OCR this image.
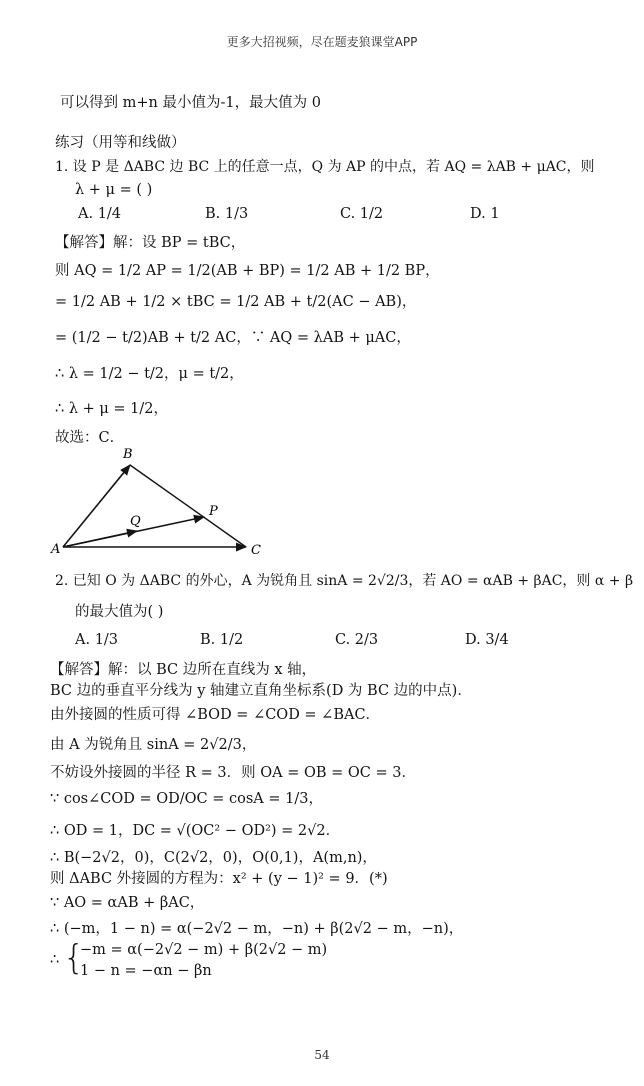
更多大招视频，尽在题麦狼课堂APP
可以得到 m+n 最小值为-1，最大值为 0
练习（用等和线做）
1. 设 P 是 ΔABC 边 BC 上的任意一点，Q 为 AP 的中点，若 AQ = λAB + μAC，则
λ + μ = ( )
A. 1/4	B. 1/3	C. 1/2	D. 1
【解答】解：设 BP = tBC，
则 AQ = 1/2 AP = 1/2(AB + BP) = 1/2 AB + 1/2 BP，
= 1/2 AB + 1/2 × tBC = 1/2 AB + t/2(AC − AB)，
= (1/2 − t/2)AB + t/2 AC，∵ AQ = λAB + μAC，
∴ λ = 1/2 − t/2，μ = t/2，
∴ λ + μ = 1/2，
故选：C．
B
P
Q
A	C
2. 已知 O 为 ΔABC 的外心，A 为锐角且 sinA = 2√2/3，若 AO = αAB + βAC，则 α + β
的最大值为( )
A. 1/3	B. 1/2	C. 2/3	D. 3/4
【解答】解：以 BC 边所在直线为 x 轴，
BC 边的垂直平分线为 y 轴建立直角坐标系(D 为 BC 边的中点)．
由外接圆的性质可得 ∠BOD = ∠COD = ∠BAC．
由 A 为锐角且 sinA = 2√2/3，
不妨设外接圆的半径 R = 3．则 OA = OB = OC = 3．
∵ cos∠COD = OD/OC = cosA = 1/3，
∴ OD = 1，DC = √(OC² − OD²) = 2√2．
∴ B(−2√2，0)，C(2√2，0)，O(0,1)，A(m,n)，
则 ΔABC 外接圆的方程为：x² + (y − 1)² = 9．(*)
∵ AO = αAB + βAC，
∴ (−m，1 − n) = α(−2√2 − m，−n) + β(2√2 − m，−n)，
∴ {
−m = α(−2√2 − m) + β(2√2 − m)
1 − n = −αn − βn
54
